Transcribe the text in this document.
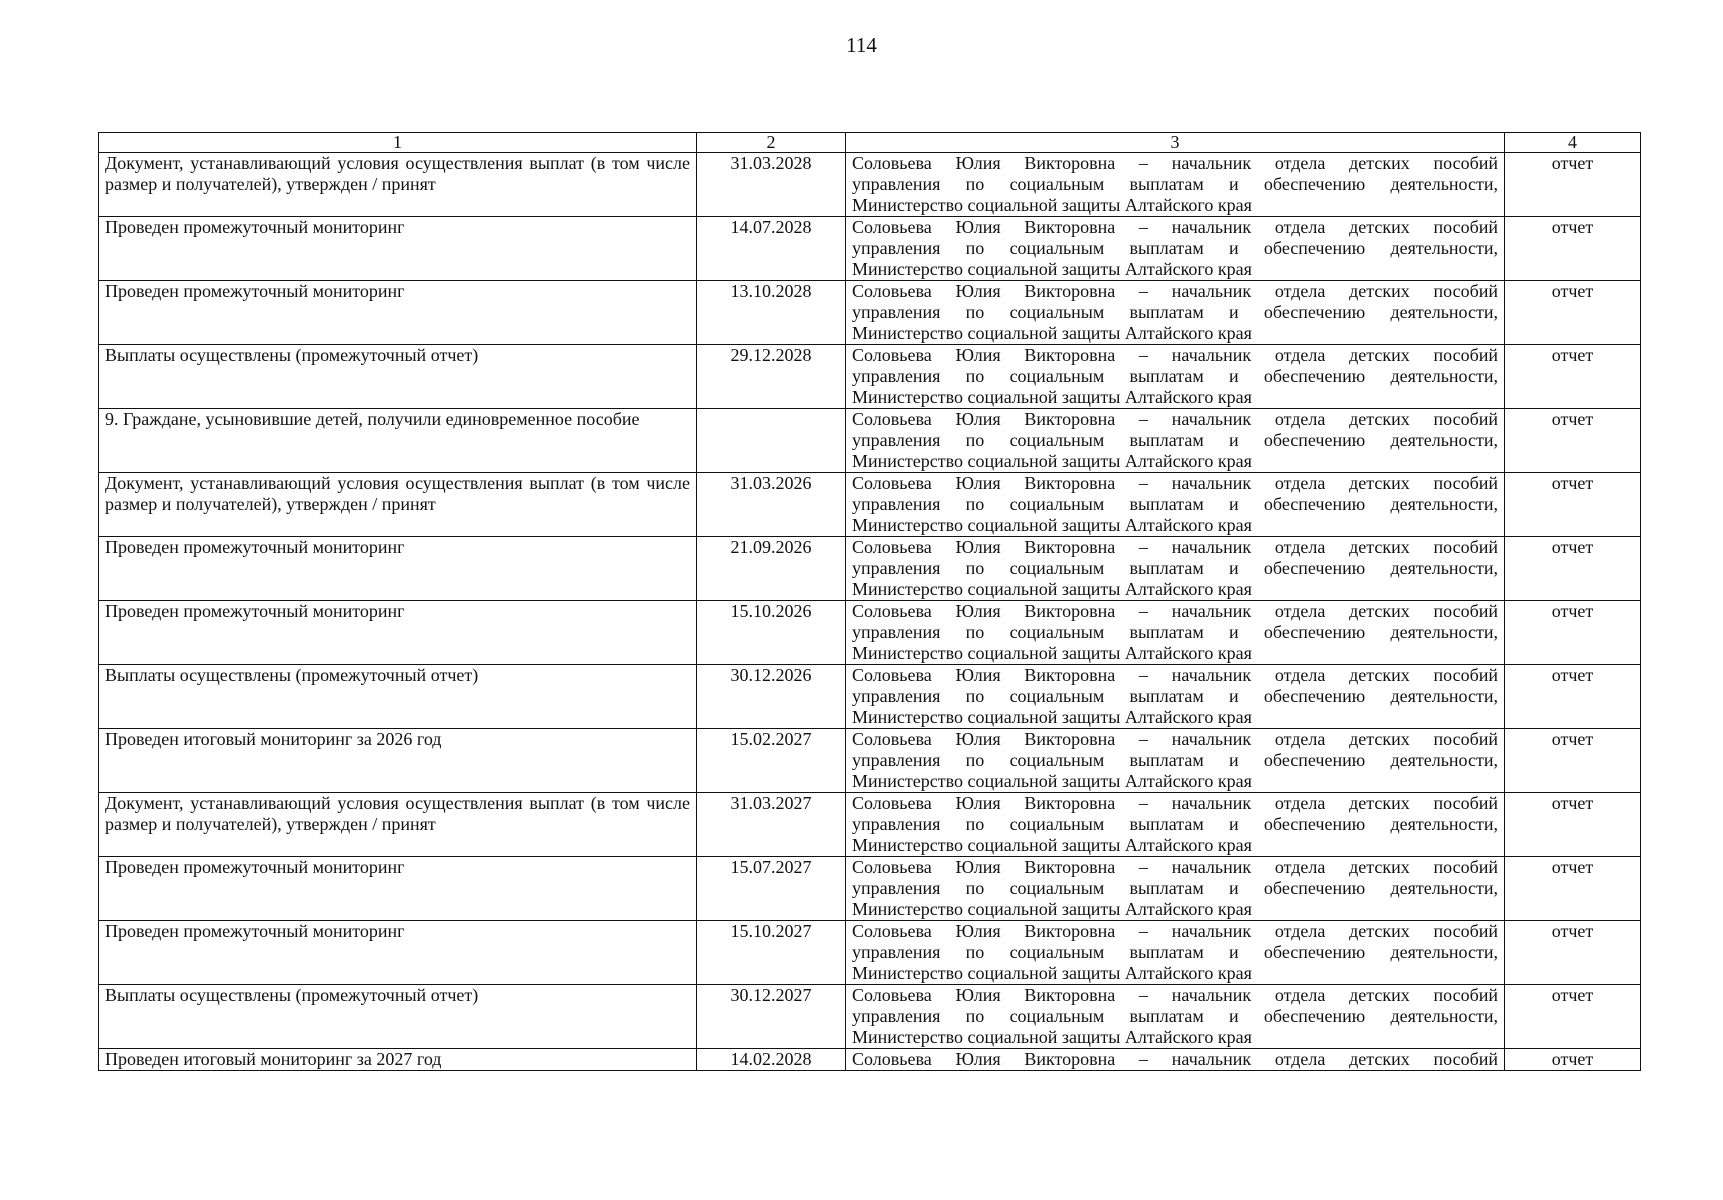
114
1	2	3	4
Документ, устанавливающий условия осуществления выплат (в том числе размер и получателей), утвержден / принят	31.03.2028	Соловьева Юлия Викторовна – начальник отдела детских пособий
управления по социальным выплатам и обеспечению деятельности,
Министерство социальной защиты Алтайского края	отчет
Проведен промежуточный мониторинг	14.07.2028	Соловьева Юлия Викторовна – начальник отдела детских пособий
управления по социальным выплатам и обеспечению деятельности,
Министерство социальной защиты Алтайского края	отчет
Проведен промежуточный мониторинг	13.10.2028	Соловьева Юлия Викторовна – начальник отдела детских пособий
управления по социальным выплатам и обеспечению деятельности,
Министерство социальной защиты Алтайского края	отчет
Выплаты осуществлены (промежуточный отчет)	29.12.2028	Соловьева Юлия Викторовна – начальник отдела детских пособий
управления по социальным выплатам и обеспечению деятельности,
Министерство социальной защиты Алтайского края	отчет
9. Граждане, усыновившие детей, получили единовременное пособие		Соловьева Юлия Викторовна – начальник отдела детских пособий
управления по социальным выплатам и обеспечению деятельности,
Министерство социальной защиты Алтайского края	отчет
Документ, устанавливающий условия осуществления выплат (в том числе размер и получателей), утвержден / принят	31.03.2026	Соловьева Юлия Викторовна – начальник отдела детских пособий
управления по социальным выплатам и обеспечению деятельности,
Министерство социальной защиты Алтайского края	отчет
Проведен промежуточный мониторинг	21.09.2026	Соловьева Юлия Викторовна – начальник отдела детских пособий
управления по социальным выплатам и обеспечению деятельности,
Министерство социальной защиты Алтайского края	отчет
Проведен промежуточный мониторинг	15.10.2026	Соловьева Юлия Викторовна – начальник отдела детских пособий
управления по социальным выплатам и обеспечению деятельности,
Министерство социальной защиты Алтайского края	отчет
Выплаты осуществлены (промежуточный отчет)	30.12.2026	Соловьева Юлия Викторовна – начальник отдела детских пособий
управления по социальным выплатам и обеспечению деятельности,
Министерство социальной защиты Алтайского края	отчет
Проведен итоговый мониторинг за 2026 год	15.02.2027	Соловьева Юлия Викторовна – начальник отдела детских пособий
управления по социальным выплатам и обеспечению деятельности,
Министерство социальной защиты Алтайского края	отчет
Документ, устанавливающий условия осуществления выплат (в том числе размер и получателей), утвержден / принят	31.03.2027	Соловьева Юлия Викторовна – начальник отдела детских пособий
управления по социальным выплатам и обеспечению деятельности,
Министерство социальной защиты Алтайского края	отчет
Проведен промежуточный мониторинг	15.07.2027	Соловьева Юлия Викторовна – начальник отдела детских пособий
управления по социальным выплатам и обеспечению деятельности,
Министерство социальной защиты Алтайского края	отчет
Проведен промежуточный мониторинг	15.10.2027	Соловьева Юлия Викторовна – начальник отдела детских пособий
управления по социальным выплатам и обеспечению деятельности,
Министерство социальной защиты Алтайского края	отчет
Выплаты осуществлены (промежуточный отчет)	30.12.2027	Соловьева Юлия Викторовна – начальник отдела детских пособий
управления по социальным выплатам и обеспечению деятельности,
Министерство социальной защиты Алтайского края	отчет
Проведен итоговый мониторинг за 2027 год	14.02.2028	Соловьева Юлия Викторовна – начальник отдела детских пособий	отчет
